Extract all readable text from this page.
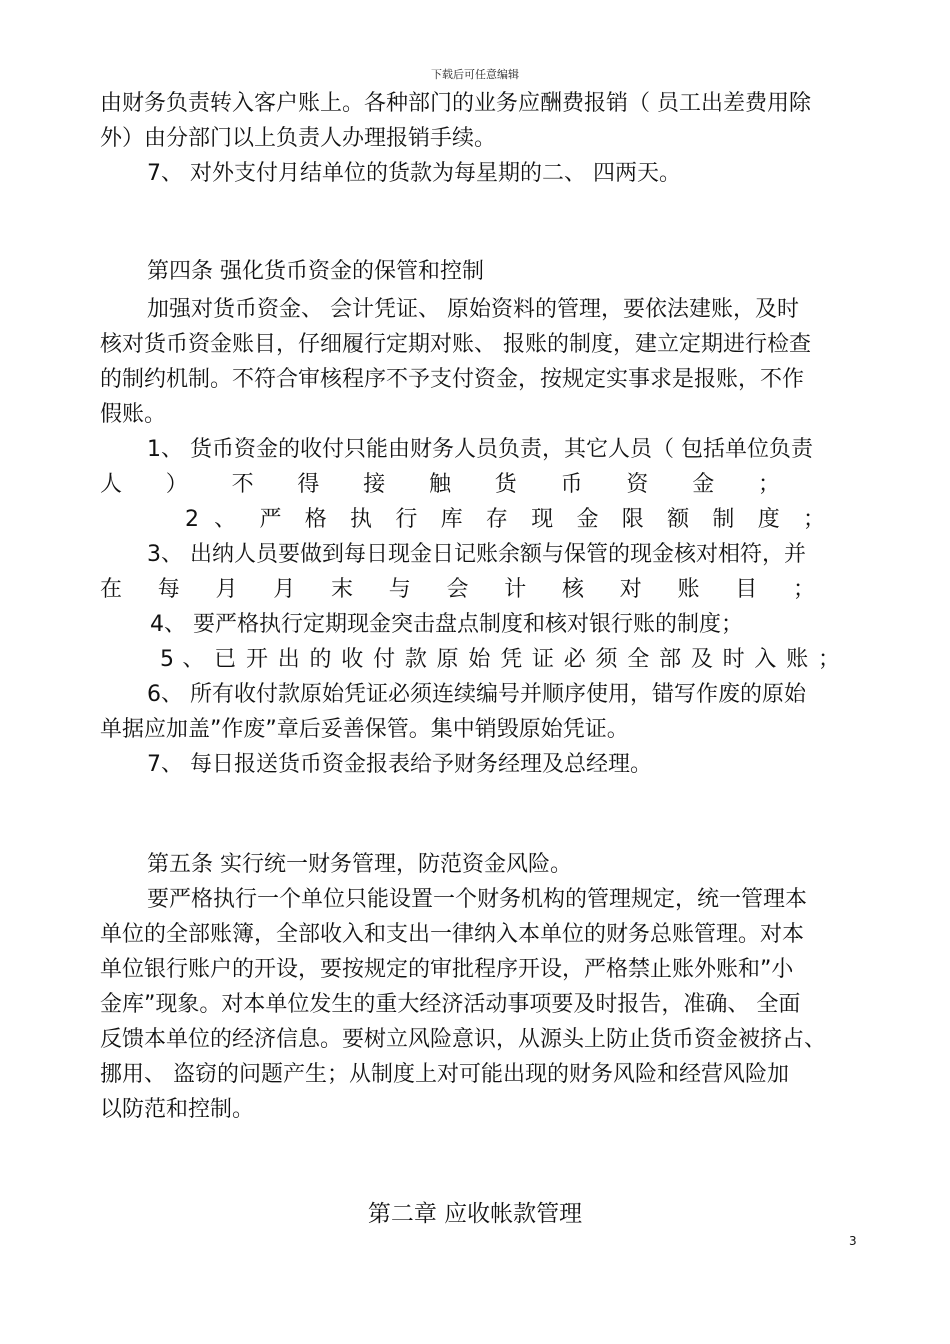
下载后可任意编辑
由财务负责转入客户账上。各种部门的业务应酬费报销（ 员工出差费用除
外）由分部门以上负责人办理报销手续。
7、 对外支付月结单位的货款为每星期的二、 四两天。
第四条 强化货币资金的保管和控制
加强对货币资金、 会计凭证、 原始资料的管理，要依法建账，及时
核对货币资金账目，仔细履行定期对账、 报账的制度，建立定期进行检查
的制约机制。不符合审核程序不予支付资金，按规定实事求是报账，不作
假账。
1、 货币资金的收付只能由财务人员负责，其它人员（ 包括单位负责
人 ） 不 得 接 触 货 币 资 金 ；
2 、 严 格 执 行 库 存 现 金 限 额 制 度 ；
3、 出纳人员要做到每日现金日记账余额与保管的现金核对相符，并
在 每 月 月 末 与 会 计 核 对 账 目 ；
4、 要严格执行定期现金突击盘点制度和核对银行账的制度；
5 、 已 开 出 的 收 付 款 原 始 凭 证 必 须 全 部 及 时 入 账 ；
6、 所有收付款原始凭证必须连续编号并顺序使用，错写作废的原始
单据应加盖”作废”章后妥善保管。集中销毁原始凭证。
7、 每日报送货币资金报表给予财务经理及总经理。
第五条 实行统一财务管理，防范资金风险。
要严格执行一个单位只能设置一个财务机构的管理规定，统一管理本
单位的全部账簿，全部收入和支出一律纳入本单位的财务总账管理。对本
单位银行账户的开设，要按规定的审批程序开设，严格禁止账外账和”小
金库”现象。对本单位发生的重大经济活动事项要及时报告，准确、 全面
反馈本单位的经济信息。要树立风险意识，从源头上防止货币资金被挤占、
挪用、 盗窃的问题产生；从制度上对可能出现的财务风险和经营风险加
以防范和控制。
第二章 应收帐款管理
3
